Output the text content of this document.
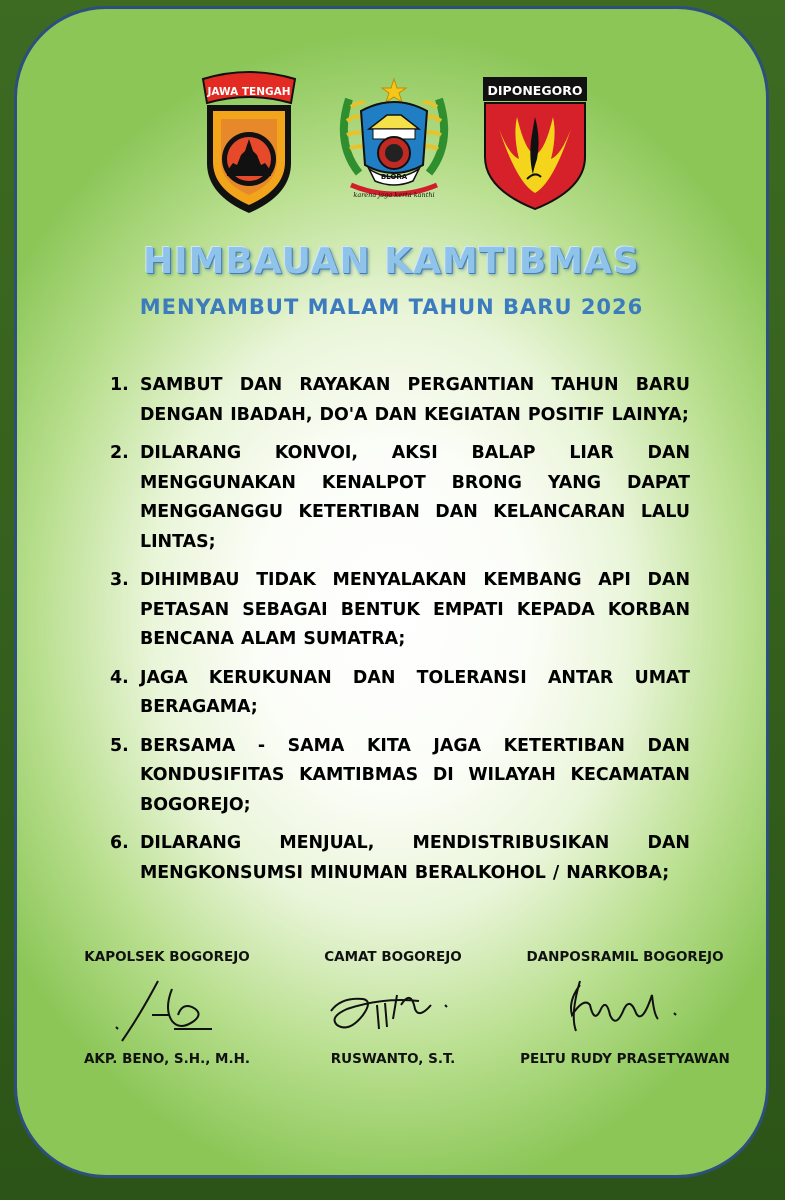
JAWA TENGAH
BLORA
karena jaga kerta kanthi
DIPONEGORO
HIMBAUAN KAMTIBMAS
MENYAMBUT MALAM TAHUN BARU 2026
1. SAMBUT DAN RAYAKAN PERGANTIAN TAHUN BARU DENGAN IBADAH, DO'A DAN KEGIATAN POSITIF LAINYA;
2. DILARANG KONVOI, AKSI BALAP LIAR DAN MENGGUNAKAN KENALPOT BRONG YANG DAPAT MENGGANGGU KETERTIBAN DAN KELANCARAN LALU LINTAS;
3. DIHIMBAU TIDAK MENYALAKAN KEMBANG API DAN PETASAN SEBAGAI BENTUK EMPATI KEPADA KORBAN BENCANA ALAM SUMATRA;
4. JAGA KERUKUNAN DAN TOLERANSI ANTAR UMAT BERAGAMA;
5. BERSAMA - SAMA KITA JAGA KETERTIBAN DAN KONDUSIFITAS KAMTIBMAS DI WILAYAH KECAMATAN BOGOREJO;
6. DILARANG MENJUAL, MENDISTRIBUSIKAN DAN MENGKONSUMSI MINUMAN BERALKOHOL / NARKOBA;
KAPOLSEK BOGOREJO
AKP. BENO, S.H., M.H.
CAMAT BOGOREJO
RUSWANTO, S.T.
DANPOSRAMIL BOGOREJO
PELTU RUDY PRASETYAWAN
